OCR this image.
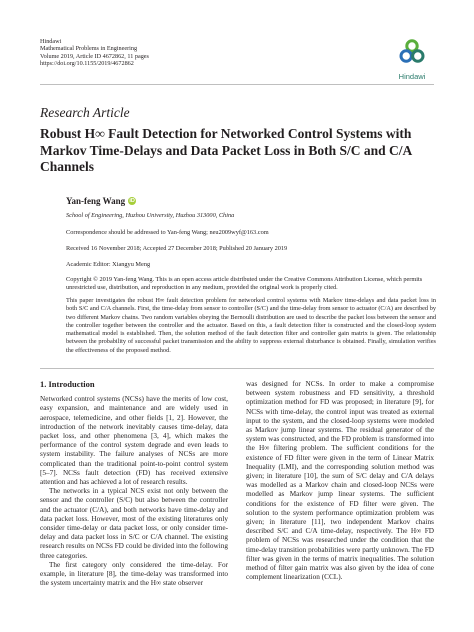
Hindawi
Mathematical Problems in Engineering
Volume 2019, Article ID 4672862, 11 pages
https://doi.org/10.1155/2019/4672862
Hindawi
Research Article
Robust H∞ Fault Detection for Networked Control Systems with Markov Time-Delays and Data Packet Loss in Both S/C and C/A Channels
Yan-feng Wang iD
School of Engineering, Huzhou University, Huzhou 313000, China
Correspondence should be addressed to Yan-feng Wang; neu2009wyf@163.com
Received 16 November 2018; Accepted 27 December 2018; Published 20 January 2019
Academic Editor: Xiangyu Meng
Copyright © 2019 Yan-feng Wang. This is an open access article distributed under the Creative Commons Attribution License, which permits unrestricted use, distribution, and reproduction in any medium, provided the original work is properly cited.
This paper investigates the robust H∞ fault detection problem for networked control systems with Markov time-delays and data packet loss in both S/C and C/A channels. First, the time-delay from sensor to controller (S/C) and the time-delay from sensor to actuator (C/A) are described by two different Markov chains. Two random variables obeying the Bernoulli distribution are used to describe the packet loss between the sensor and the controller together between the controller and the actuator. Based on this, a fault detection filter is constructed and the closed-loop system mathematical model is established. Then, the solution method of the fault detection filter and controller gain matrix is given. The relationship between the probability of successful packet transmission and the ability to suppress external disturbance is obtained. Finally, simulation verifies the effectiveness of the proposed method.
1. Introduction

Networked control systems (NCSs) have the merits of low cost, easy expansion, and maintenance and are widely used in aerospace, telemedicine, and other fields [1, 2]. However, the introduction of the network inevitably causes time-delay, data packet loss, and other phenomena [3, 4], which makes the performance of the control system degrade and even leads to system instability. The failure analyses of NCSs are more complicated than the traditional point-to-point control system [5–7]. NCSs fault detection (FD) has received extensive attention and has achieved a lot of research results.

The networks in a typical NCS exist not only between the sensor and the controller (S/C) but also between the controller and the actuator (C/A), and both networks have time-delay and data packet loss. However, most of the existing literatures only consider time-delay or data packet loss, or only consider time-delay and data packet loss in S/C or C/A channel. The existing research results on NCSs FD could be divided into the following three categories.

The first category only considered the time-delay. For example, in literature [8], the time-delay was transformed into the system uncertainty matrix and the H∞ state observer

was designed for NCSs. In order to make a compromise between system robustness and FD sensitivity, a threshold optimization method for FD was proposed; in literature [9], for NCSs with time-delay, the control input was treated as external input to the system, and the closed-loop systems were modeled as Markov jump linear systems. The residual generator of the system was constructed, and the FD problem is transformed into the H∞ filtering problem. The sufficient conditions for the existence of FD filter were given in the term of Linear Matrix Inequality (LMI), and the corresponding solution method was given; in literature [10], the sum of S/C delay and C/A delays was modelled as a Markov chain and closed-loop NCSs were modelled as Markov jump linear systems. The sufficient conditions for the existence of FD filter were given. The solution to the system performance optimization problem was given; in literature [11], two independent Markov chains described S/C and C/A time-delay, respectively. The H∞ FD problem of NCSs was researched under the condition that the time-delay transition probabilities were partly unknown. The FD filter was given in the terms of matrix inequalities. The solution method of filter gain matrix was also given by the idea of cone complement linearization (CCL).
